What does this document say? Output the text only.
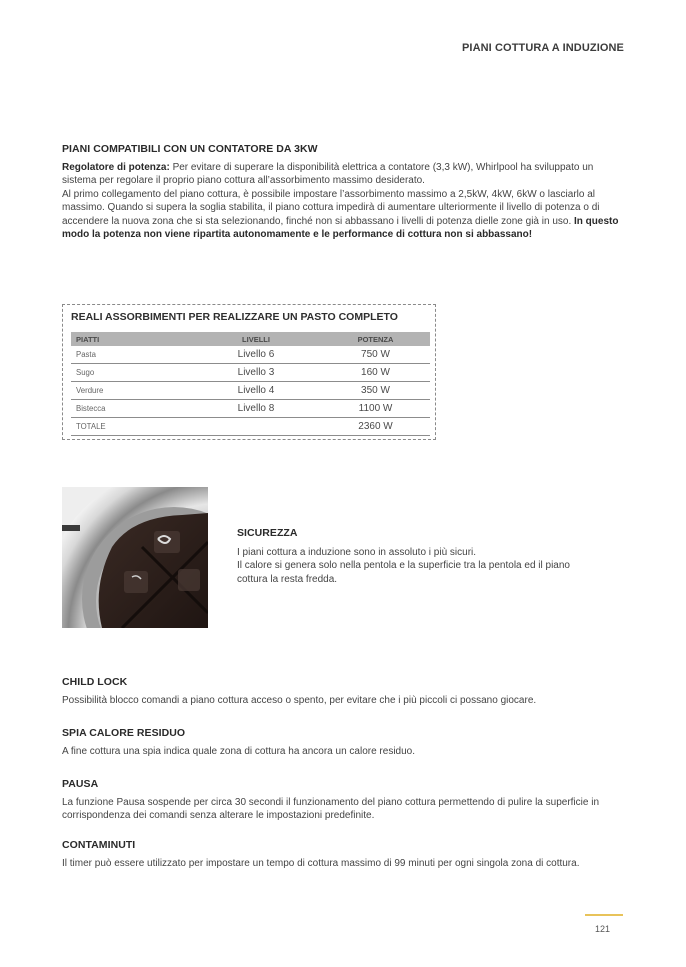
PIANI COTTURA A INDUZIONE
PIANI COMPATIBILI CON UN CONTATORE DA 3KW

Regolatore di potenza: Per evitare di superare la disponibilità elettrica a contatore (3,3 kW), Whirlpool ha sviluppato un sistema per regolare il proprio piano cottura all’assorbimento massimo desiderato.

Al primo collegamento del piano cottura, è possibile impostare l’assorbimento massimo a 2,5kW, 4kW, 6kW o lasciarlo al massimo. Quando si supera la soglia stabilita, il piano cottura impedirà di aumentare ulteriormente il livello di potenza o di accendere la nuova zona che si sta selezionando, finché non si abbassano i livelli di potenza dielle zone già in uso. In questo modo la potenza non viene ripartita autonomamente e le performance di cottura non si abbassano!

REALI ASSORBIMENTI PER REALIZZARE UN PASTO COMPLETO
PIATTI	LIVELLI	POTENZA
Pasta	Livello 6	750 W
Sugo	Livello 3	160 W
Verdure	Livello 4	350 W
Bistecca	Livello 8	1100 W
TOTALE		2360 W
SICUREZZA

I piani cottura a induzione sono in assoluto i più sicuri.

Il calore si genera solo nella pentola e la superficie tra la pentola ed il piano cottura la resta fredda.

CHILD LOCK

Possibilità blocco comandi a piano cottura acceso o spento, per evitare che i più piccoli ci possano giocare.

SPIA CALORE RESIDUO

A fine cottura una spia indica quale zona di cottura ha ancora un calore residuo.

PAUSA

La funzione Pausa sospende per circa 30 secondi il funzionamento del piano cottura permettendo di pulire la superficie in corrispondenza dei comandi senza alterare le impostazioni predefinite.

CONTAMINUTI

Il timer può essere utilizzato per impostare un tempo di cottura massimo di 99 minuti per ogni singola zona di cottura.

121
